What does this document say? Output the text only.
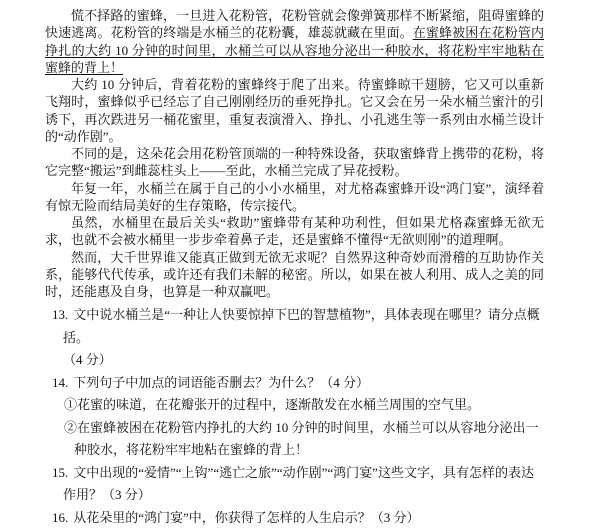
慌不择路的蜜蜂，一旦进入花粉管，花粉管就会像弹簧那样不断紧缩，阻碍蜜蜂的快速逃离。花粉管的终端是水桶兰的花粉囊，雄蕊就藏在里面。在蜜蜂被困在花粉管内挣扎的大约 10 分钟的时间里，水桶兰可以从容地分泌出一种胶水，将花粉牢牢地粘在蜜蜂的背上！

大约 10 分钟后，背着花粉的蜜蜂终于爬了出来。待蜜蜂晾干翅膀，它又可以重新飞翔时，蜜蜂似乎已经忘了自己刚刚经历的垂死挣扎。它又会在另一朵水桶兰蜜汁的引诱下，再次跌进另一桶花蜜里，重复表演滑入、挣扎、小孔逃生等一系列由水桶兰设计的“动作剧”。

不同的是，这朵花会用花粉管顶端的一种特殊设备，获取蜜蜂背上携带的花粉，将它完整“搬运”到雌蕊柱头上——至此，水桶兰完成了异花授粉。

年复一年，水桶兰在属于自己的小小水桶里，对尤格森蜜蜂开设“鸿门宴”，演绎着有惊无险而结局美好的生存策略，传宗接代。

虽然，水桶里在最后关头“救助”蜜蜂带有某种功利性，但如果尤格森蜜蜂无欲无求，也就不会被水桶里一步步牵着鼻子走，还是蜜蜂不懂得“无欲则刚”的道理啊。

然而，大千世界谁又能真正做到无欲无求呢？自然界这种奇妙而滑稽的互助协作关系，能够代代传承，或许还有我们未解的秘密。所以，如果在被人利用、成人之美的同时，还能惠及自身，也算是一种双赢吧。

13. 文中说水桶兰是“一种让人快要惊掉下巴的智慧植物”，具体表现在哪里？请分点概括。
（4 分）
14. 下列句子中加点的词语能否删去？为什么？（4 分）
①花蜜的味道，在花瓣张开的过程中，逐渐散发在水桶兰周围的空气里。
②在蜜蜂被困在花粉管内挣扎的大约 10 分钟的时间里，水桶兰可以从容地分泌出一种胶水，将花粉牢牢地粘在蜜蜂的背上！
15. 文中出现的“爱情”“上钩”“逃亡之旅”“动作剧”“鸿门宴”这些文字，具有怎样的表达作用？（3 分）
16. 从花朵里的“鸿门宴”中，你获得了怎样的人生启示？（3 分）
